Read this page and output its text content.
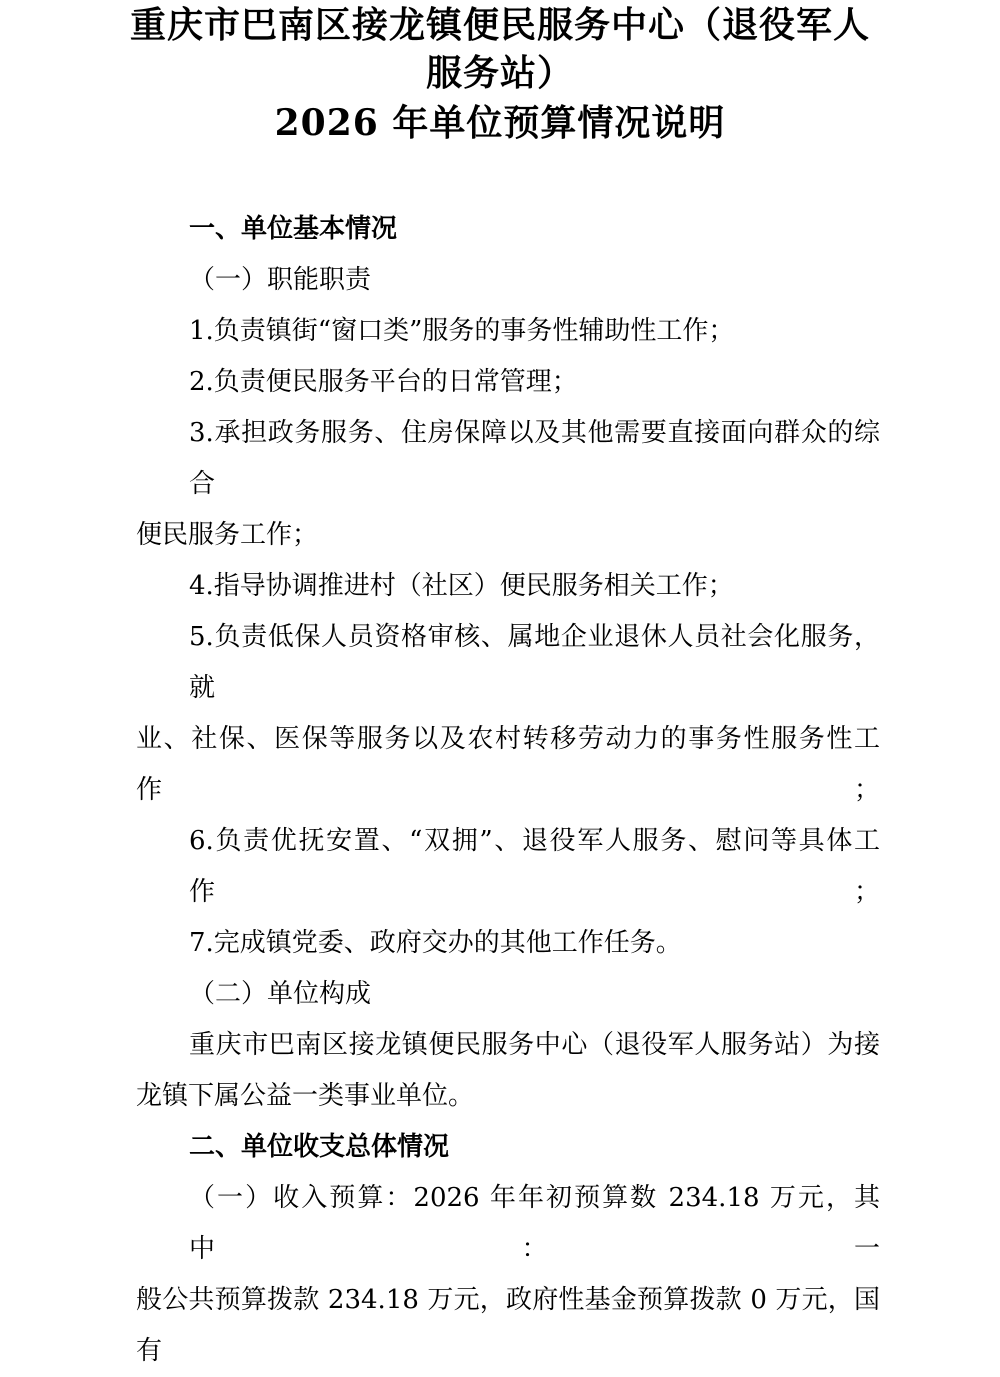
重庆市巴南区接龙镇便民服务中心（退役军人
服务站）
2026 年单位预算情况说明

一、单位基本情况

（一）职能职责

1.负责镇街“窗口类”服务的事务性辅助性工作；

2.负责便民服务平台的日常管理；

3.承担政务服务、住房保障以及其他需要直接面向群众的综合

便民服务工作；

4.指导协调推进村（社区）便民服务相关工作；

5.负责低保人员资格审核、属地企业退休人员社会化服务，就

业、社保、医保等服务以及农村转移劳动力的事务性服务性工作；

6.负责优抚安置、“双拥”、退役军人服务、慰问等具体工作；

7.完成镇党委、政府交办的其他工作任务。

（二）单位构成

重庆市巴南区接龙镇便民服务中心（退役军人服务站）为接

龙镇下属公益一类事业单位。

二、单位收支总体情况

（一）收入预算：2026 年年初预算数 234.18 万元，其中：一

般公共预算拨款 234.18 万元，政府性基金预算拨款 0 万元，国有
